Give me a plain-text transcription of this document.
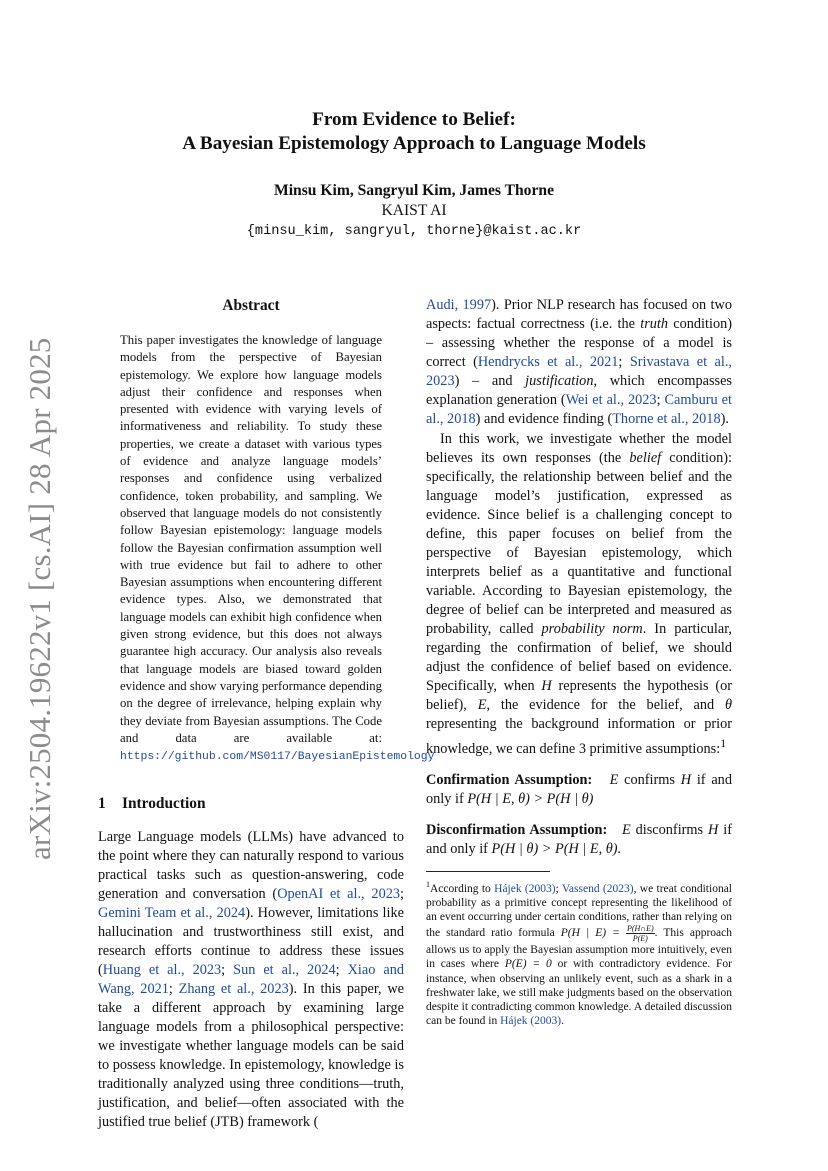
arXiv:2504.19622v1 [cs.AI] 28 Apr 2025
From Evidence to Belief:
A Bayesian Epistemology Approach to Language Models
Minsu Kim, Sangryul Kim, James Thorne
KAIST AI
{minsu_kim, sangryul, thorne}@kaist.ac.kr
Abstract

This paper investigates the knowledge of language models from the perspective of Bayesian epistemology. We explore how language models adjust their confidence and responses when presented with evidence with varying levels of informativeness and reliability. To study these properties, we create a dataset with various types of evidence and analyze language models’ responses and confidence using verbalized confidence, token probability, and sampling. We observed that language models do not consistently follow Bayesian epistemology: language models follow the Bayesian confirmation assumption well with true evidence but fail to adhere to other Bayesian assumptions when encountering different evidence types. Also, we demonstrated that language models can exhibit high confidence when given strong evidence, but this does not always guarantee high accuracy. Our analysis also reveals that language models are biased toward golden evidence and show varying performance depending on the degree of irrelevance, helping explain why they deviate from Bayesian assumptions. The Code and data are available at: https://github.com/MS0117/BayesianEpistemology

1 Introduction

Large Language models (LLMs) have advanced to the point where they can naturally respond to various practical tasks such as question-answering, code generation and conversation (OpenAI et al., 2023; Gemini Team et al., 2024). However, limitations like hallucination and trustworthiness still exist, and research efforts continue to address these issues (Huang et al., 2023; Sun et al., 2024; Xiao and Wang, 2021; Zhang et al., 2023). In this paper, we take a different approach by examining large language models from a philosophical perspective: we investigate whether language models can be said to possess knowledge. In epistemology, knowledge is traditionally analyzed using three conditions—truth, justification, and belief—often associated with the justified true belief (JTB) framework (

Audi, 1997). Prior NLP research has focused on two aspects: factual correctness (i.e. the truth condition) – assessing whether the response of a model is correct (Hendrycks et al., 2021; Srivastava et al., 2023) – and justification, which encompasses explanation generation (Wei et al., 2023; Camburu et al., 2018) and evidence finding (Thorne et al., 2018).

In this work, we investigate whether the model believes its own responses (the belief condition): specifically, the relationship between belief and the language model’s justification, expressed as evidence. Since belief is a challenging concept to define, this paper focuses on belief from the perspective of Bayesian epistemology, which interprets belief as a quantitative and functional variable. According to Bayesian epistemology, the degree of belief can be interpreted and measured as probability, called probability norm. In particular, regarding the confirmation of belief, we should adjust the confidence of belief based on evidence. Specifically, when H represents the hypothesis (or belief), E, the evidence for the belief, and θ representing the background information or prior knowledge, we can define 3 primitive assumptions:$^1$

Confirmation Assumption: E confirms H if and only if P(H | E, θ) > P(H | θ)

Disconfirmation Assumption: E disconfirms H if and only if P(H | θ) > P(H | E, θ).

$^1$According to Hájek (2003); Vassend (2023), we treat conditional probability as a primitive concept representing the likelihood of an event occurring under certain conditions, rather than relying on the standard ratio formula P(H | $E) = \frac{P(H\cap E)}{P(E)}$ . This approach allows us to apply the Bayesian assumption more intuitively, even in cases where P(E) = 0 or with contradictory evidence. For instance, when observing an unlikely event, such as a shark in a freshwater lake, we still make judgments based on the observation despite it contradicting common knowledge. A detailed discussion can be found in Hájek (2003).
